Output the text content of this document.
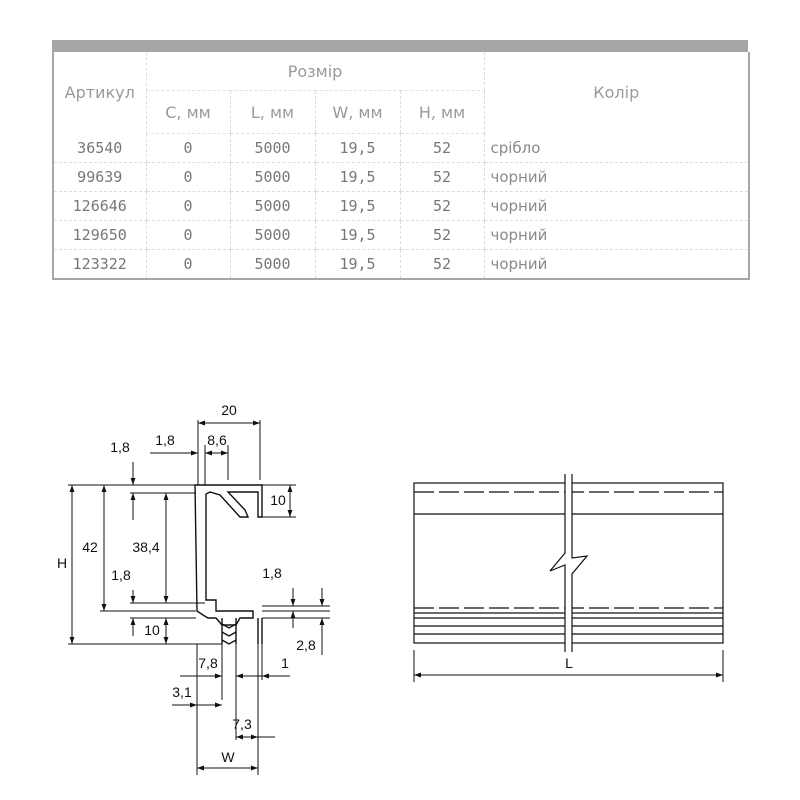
Артикул	Розмір				Колір
	С, мм	L, мм	W, мм	H, мм	
36540	0	5000	19,5	52	срібло
99639	0	5000	19,5	52	чорний
126646	0	5000	19,5	52	чорний
129650	0	5000	19,5	52	чорний
123322	0	5000	19,5	52	чорний
20
1,8 1,8 8,6
10
H
42 38,4
1,8	1,8
10
2,8
7,8	1
3,1
7,3
W
L
